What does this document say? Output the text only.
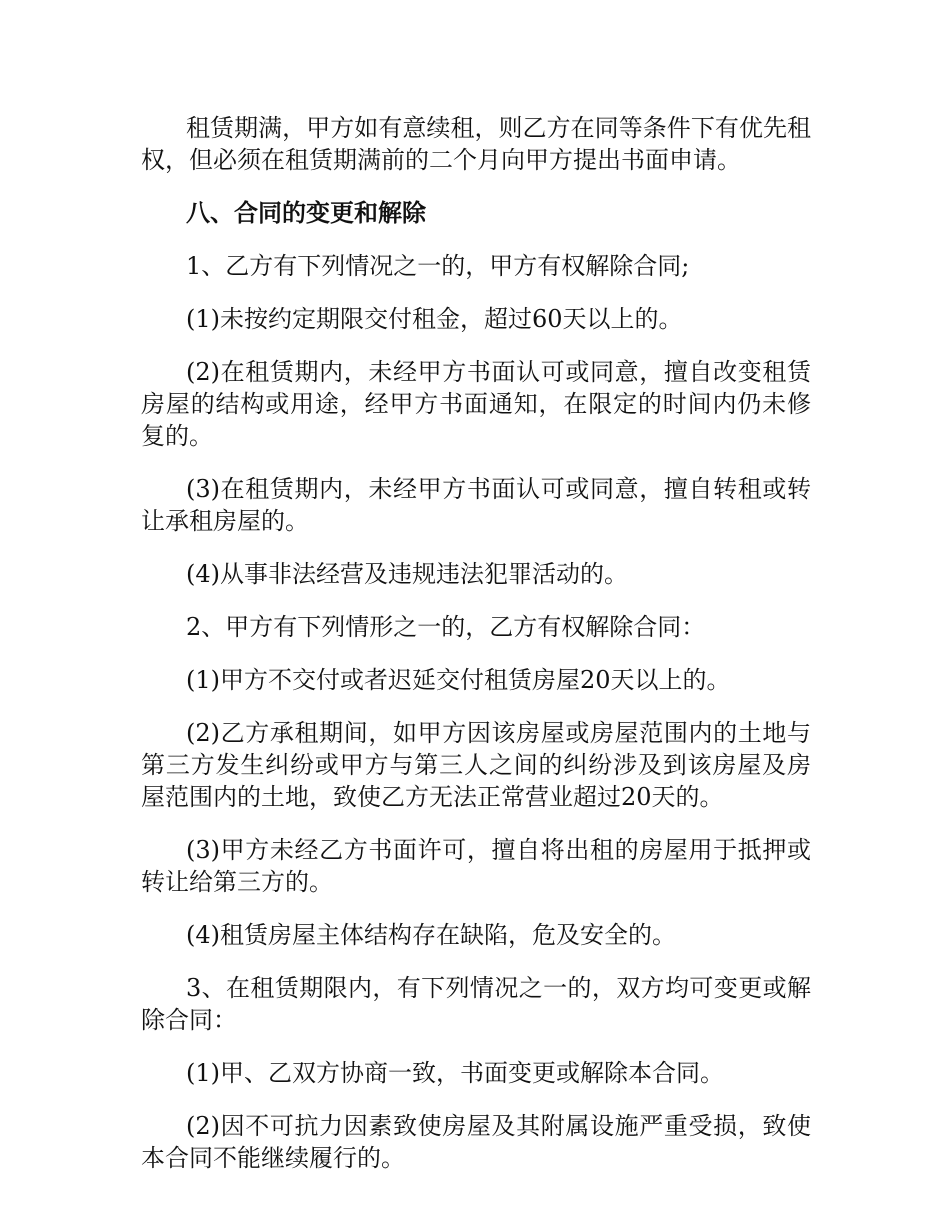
租赁期满，甲方如有意续租，则乙方在同等条件下有优先租权，但必须在租赁期满前的二个月向甲方提出书面申请。

八、合同的变更和解除

1、乙方有下列情况之一的，甲方有权解除合同;

(1)未按约定期限交付租金，超过60天以上的。

(2)在租赁期内，未经甲方书面认可或同意，擅自改变租赁房屋的结构或用途，经甲方书面通知，在限定的时间内仍未修复的。

(3)在租赁期内，未经甲方书面认可或同意，擅自转租或转让承租房屋的。

(4)从事非法经营及违规违法犯罪活动的。

2、甲方有下列情形之一的，乙方有权解除合同：

(1)甲方不交付或者迟延交付租赁房屋20天以上的。

(2)乙方承租期间，如甲方因该房屋或房屋范围内的土地与第三方发生纠纷或甲方与第三人之间的纠纷涉及到该房屋及房屋范围内的土地，致使乙方无法正常营业超过20天的。

(3)甲方未经乙方书面许可，擅自将出租的房屋用于抵押或转让给第三方的。

(4)租赁房屋主体结构存在缺陷，危及安全的。

3、在租赁期限内，有下列情况之一的，双方均可变更或解除合同：

(1)甲、乙双方协商一致，书面变更或解除本合同。

(2)因不可抗力因素致使房屋及其附属设施严重受损，致使本合同不能继续履行的。
